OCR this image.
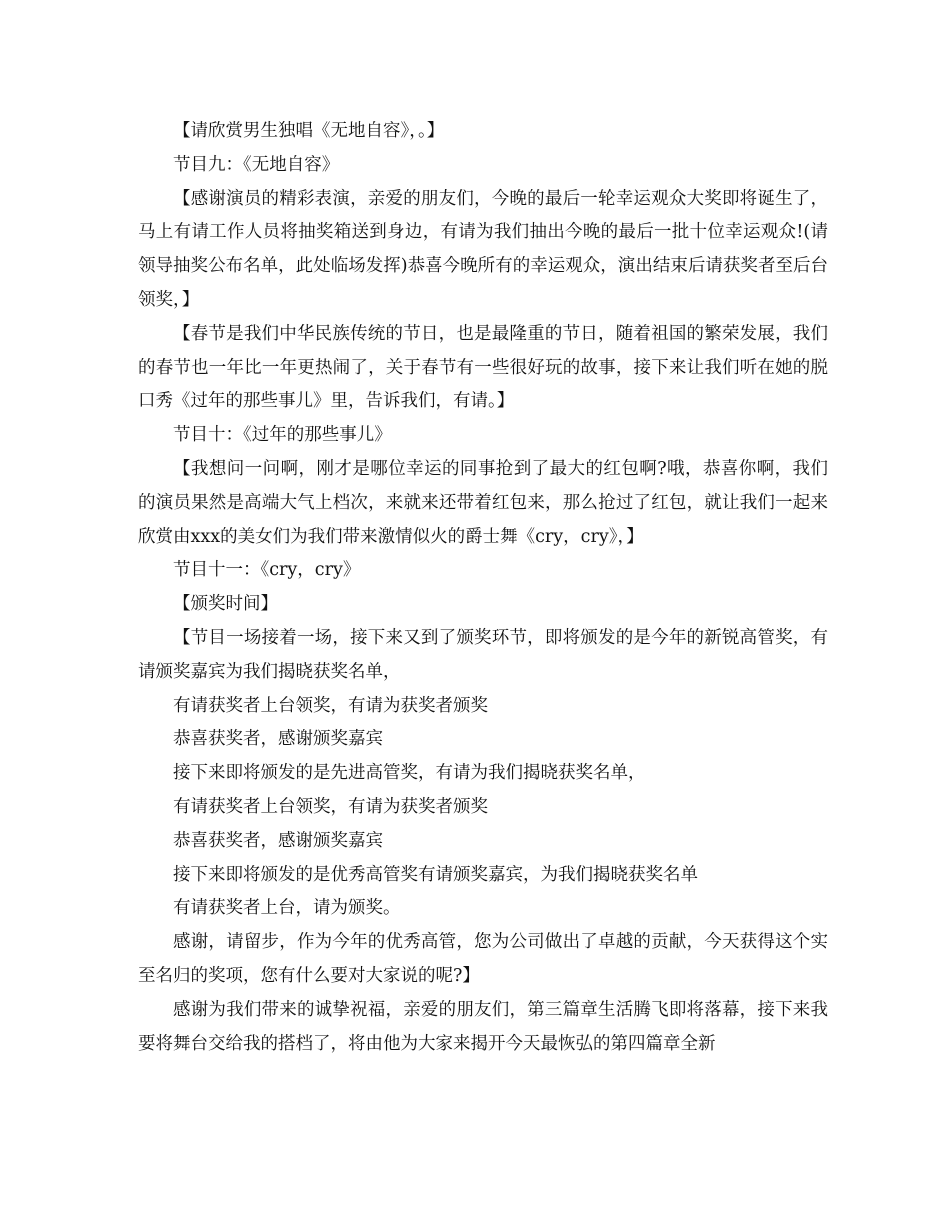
【请欣赏男生独唱《无地自容》，。】

节目九：《无地自容》

【感谢演员的精彩表演，亲爱的朋友们，今晚的最后一轮幸运观众大奖即将诞生了，马上有请工作人员将抽奖箱送到身边，有请为我们抽出今晚的最后一批十位幸运观众!(请领导抽奖公布名单，此处临场发挥)恭喜今晚所有的幸运观众，演出结束后请获奖者至后台领奖，】

【春节是我们中华民族传统的节日，也是最隆重的节日，随着祖国的繁荣发展，我们的春节也一年比一年更热闹了，关于春节有一些很好玩的故事，接下来让我们听在她的脱口秀《过年的那些事儿》里，告诉我们，有请。】

节目十：《过年的那些事儿》

【我想问一问啊，刚才是哪位幸运的同事抢到了最大的红包啊?哦，恭喜你啊，我们的演员果然是高端大气上档次，来就来还带着红包来，那么抢过了红包，就让我们一起来欣赏由xxx的美女们为我们带来激情似火的爵士舞《cry，cry》，】

节目十一：《cry，cry》

【颁奖时间】

【节目一场接着一场，接下来又到了颁奖环节，即将颁发的是今年的新锐高管奖，有请颁奖嘉宾为我们揭晓获奖名单，

有请获奖者上台领奖，有请为获奖者颁奖

恭喜获奖者，感谢颁奖嘉宾

接下来即将颁发的是先进高管奖，有请为我们揭晓获奖名单，

有请获奖者上台领奖，有请为获奖者颁奖

恭喜获奖者，感谢颁奖嘉宾

接下来即将颁发的是优秀高管奖有请颁奖嘉宾，为我们揭晓获奖名单

有请获奖者上台，请为颁奖。

感谢，请留步，作为今年的优秀高管，您为公司做出了卓越的贡献，今天获得这个实至名归的奖项，您有什么要对大家说的呢?】

感谢为我们带来的诚挚祝福，亲爱的朋友们，第三篇章生活腾飞即将落幕，接下来我要将舞台交给我的搭档了，将由他为大家来揭开今天最恢弘的第四篇章全新
